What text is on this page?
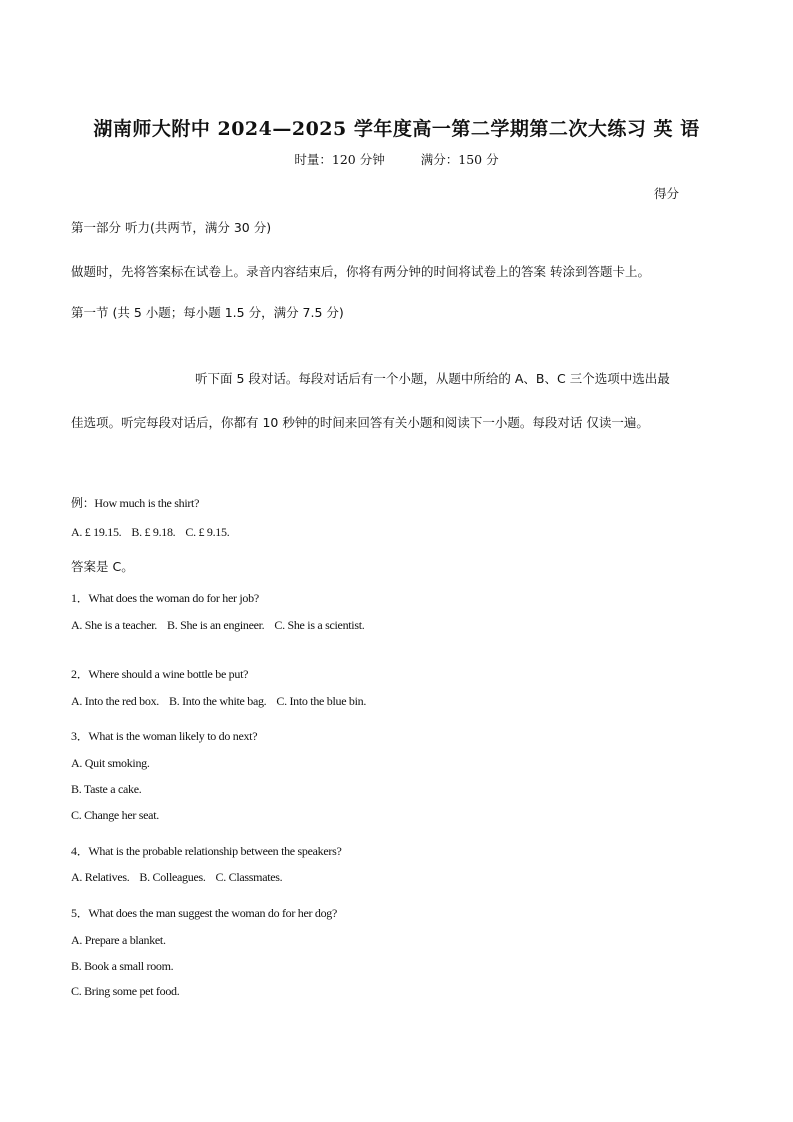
湖南师大附中 2024—2025 学年度高一第二学期第二次大练习 英 语
时量：120 分钟	满分：150 分
得分
第一部分 听力(共两节，满分 30 分)
做题时，先将答案标在试卷上。录音内容结束后，你将有两分钟的时间将试卷上的答案 转涂到答题卡上。
第一节 (共 5 小题；每小题 1.5 分，满分 7.5 分)
听下面 5 段对话。每段对话后有一个小题，从题中所给的 A、B、C 三个选项中选出最
佳选项。听完每段对话后，你都有 10 秒钟的时间来回答有关小题和阅读下一小题。每段对话 仅读一遍。
例：How much is the shirt?
A. £ 19.15. B. £ 9.18. C. £ 9.15.
答案是 C。
1．What does the woman do for her job?
A. She is a teacher. B. She is an engineer. C. She is a scientist.
2．Where should a wine bottle be put?
A. Into the red box. B. Into the white bag. C. Into the blue bin.
3．What is the woman likely to do next?
A. Quit smoking.
B. Taste a cake.
C. Change her seat.
4．What is the probable relationship between the speakers?
A. Relatives. B. Colleagues. C. Classmates.
5．What does the man suggest the woman do for her dog?
A. Prepare a blanket.
B. Book a small room.
C. Bring some pet food.
